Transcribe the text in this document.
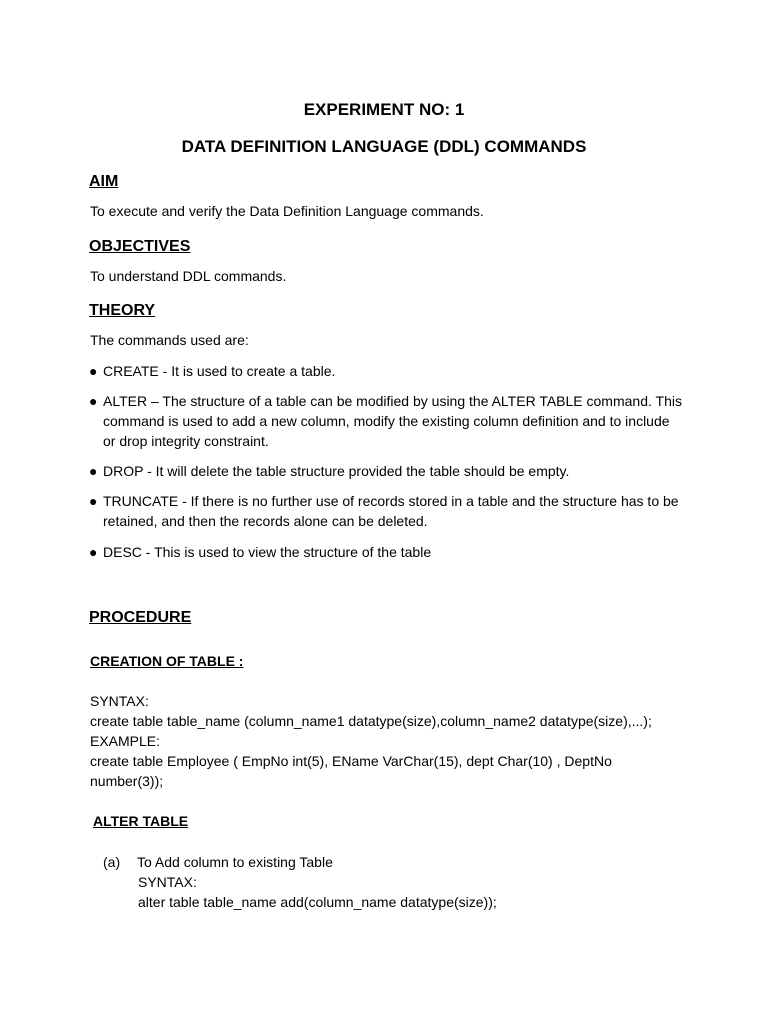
EXPERIMENT NO: 1
DATA DEFINITION LANGUAGE (DDL) COMMANDS
AIM
To execute and verify the Data Definition Language commands.
OBJECTIVES
To understand DDL commands.
THEORY
The commands used are:
● CREATE - It is used to create a table.
● ALTER – The structure of a table can be modified by using the ALTER TABLE command. This command is used to add a new column, modify the existing column definition and to include or drop integrity constraint.
● DROP - It will delete the table structure provided the table should be empty.
● TRUNCATE - If there is no further use of records stored in a table and the structure has to be retained, and then the records alone can be deleted.
● DESC - This is used to view the structure of the table
PROCEDURE
CREATION OF TABLE :
SYNTAX:
create table table_name (column_name1 datatype(size),column_name2 datatype(size),...);
EXAMPLE:
create table Employee ( EmpNo int(5), EName VarChar(15), dept Char(10) , DeptNo
number(3));
ALTER TABLE
(a) To Add column to existing Table
SYNTAX:
alter table table_name add(column_name datatype(size));
